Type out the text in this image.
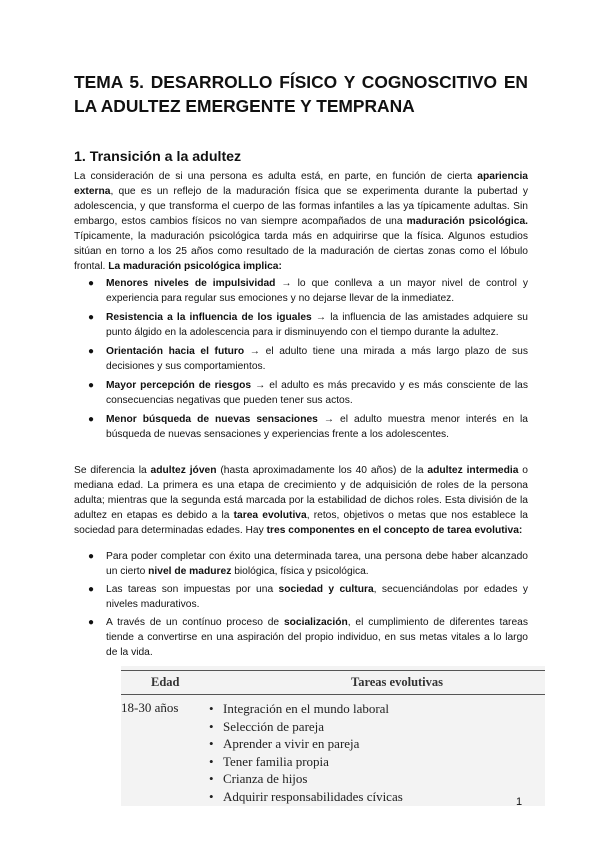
TEMA 5. DESARROLLO FÍSICO Y COGNOSCITIVO EN LA ADULTEZ EMERGENTE Y TEMPRANA
1. Transición a la adultez

La consideración de si una persona es adulta está, en parte, en función de cierta apariencia externa, que es un reflejo de la maduración física que se experimenta durante la pubertad y adolescencia, y que transforma el cuerpo de las formas infantiles a las ya típicamente adultas. Sin embargo, estos cambios físicos no van siempre acompañados de una maduración psicológica. Típicamente, la maduración psicológica tarda más en adquirirse que la física. Algunos estudios sitúan en torno a los 25 años como resultado de la maduración de ciertas zonas como el lóbulo frontal. La maduración psicológica implica:

● Menores niveles de impulsividad → lo que conlleva a un mayor nivel de control y experiencia para regular sus emociones y no dejarse llevar de la inmediatez.
● Resistencia a la influencia de los iguales → la influencia de las amistades adquiere su punto álgido en la adolescencia para ir disminuyendo con el tiempo durante la adultez.
● Orientación hacia el futuro → el adulto tiene una mirada a más largo plazo de sus decisiones y sus comportamientos.
● Mayor percepción de riesgos → el adulto es más precavido y es más consciente de las consecuencias negativas que pueden tener sus actos.
● Menor búsqueda de nuevas sensaciones → el adulto muestra menor interés en la búsqueda de nuevas sensaciones y experiencias frente a los adolescentes.

Se diferencia la adultez jóven (hasta aproximadamente los 40 años) de la adultez intermedia o mediana edad. La primera es una etapa de crecimiento y de adquisición de roles de la persona adulta; mientras que la segunda está marcada por la estabilidad de dichos roles. Esta división de la adultez en etapas es debido a la tarea evolutiva, retos, objetivos o metas que nos establece la sociedad para determinadas edades. Hay tres componentes en el concepto de tarea evolutiva:

● Para poder completar con éxito una determinada tarea, una persona debe haber alcanzado un cierto nivel de madurez biológica, física y psicológica.
● Las tareas son impuestas por una sociedad y cultura, secuenciándolas por edades y niveles madurativos.
● A través de un contínuo proceso de socialización, el cumplimiento de diferentes tareas tiende a convertirse en una aspiración del propio individuo, en sus metas vitales a lo largo de la vida.
Edad	Tareas evolutivas
18-30 años
•	Integración en el mundo laboral
• Selección de pareja
• Aprender a vivir en pareja
• Tener familia propia
• Crianza de hijos
• Adquirir responsabilidades cívicas	1
